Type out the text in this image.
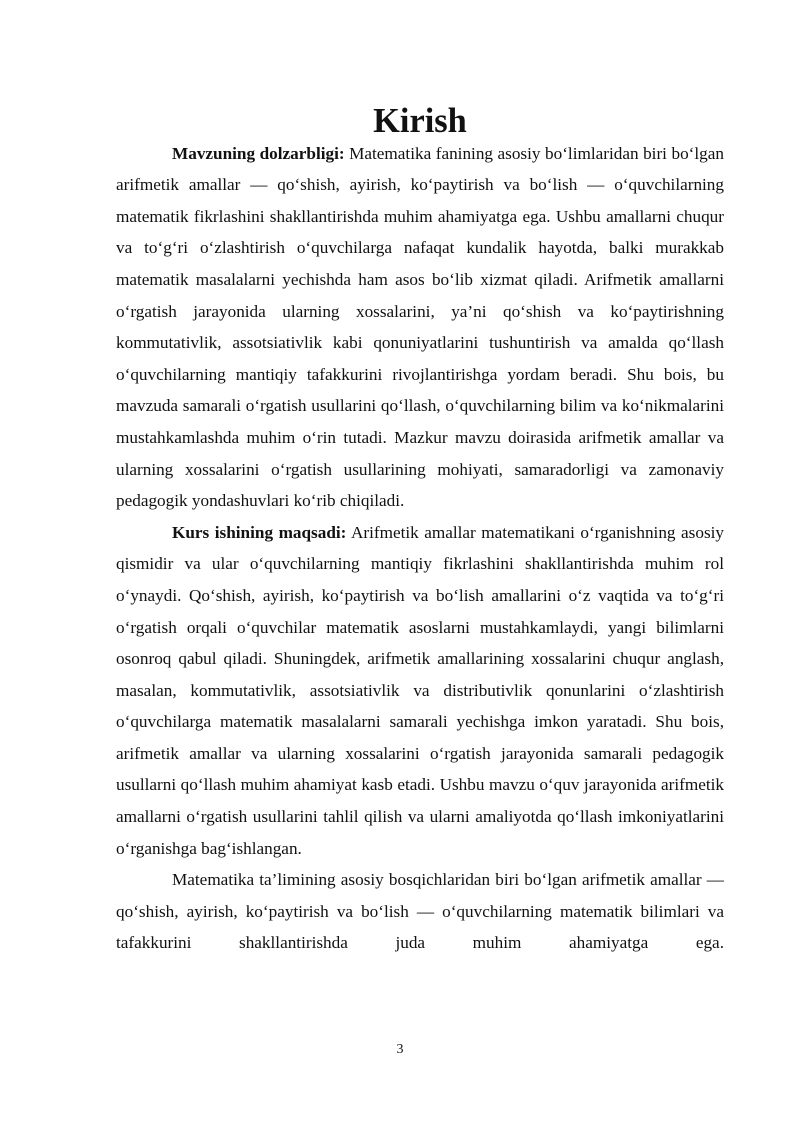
Kirish

Mavzuning dolzarbligi: Matematika fanining asosiy bo‘limlaridan biri bo‘lgan arifmetik amallar — qo‘shish, ayirish, ko‘paytirish va bo‘lish — o‘quvchilarning matematik fikrlashini shakllantirishda muhim ahamiyatga ega. Ushbu amallarni chuqur va to‘g‘ri o‘zlashtirish o‘quvchilarga nafaqat kundalik hayotda, balki murakkab matematik masalalarni yechishda ham asos bo‘lib xizmat qiladi. Arifmetik amallarni o‘rgatish jarayonida ularning xossalarini, ya’ni qo‘shish va ko‘paytirishning kommutativlik, assotsiativlik kabi qonuniyatlarini tushuntirish va amalda qo‘llash o‘quvchilarning mantiqiy tafakkurini rivojlantirishga yordam beradi. Shu bois, bu mavzuda samarali o‘rgatish usullarini qo‘llash, o‘quvchilarning bilim va ko‘nikmalarini mustahkamlashda muhim o‘rin tutadi. Mazkur mavzu doirasida arifmetik amallar va ularning xossalarini o‘rgatish usullarining mohiyati, samaradorligi va zamonaviy pedagogik yondashuvlari ko‘rib chiqiladi.

Kurs ishining maqsadi: Arifmetik amallar matematikani o‘rganishning asosiy qismidir va ular o‘quvchilarning mantiqiy fikrlashini shakllantirishda muhim rol o‘ynaydi. Qo‘shish, ayirish, ko‘paytirish va bo‘lish amallarini o‘z vaqtida va to‘g‘ri o‘rgatish orqali o‘quvchilar matematik asoslarni mustahkamlaydi, yangi bilimlarni osonroq qabul qiladi. Shuningdek, arifmetik amallarining xossalarini chuqur anglash, masalan, kommutativlik, assotsiativlik va distributivlik qonunlarini o‘zlashtirish o‘quvchilarga matematik masalalarni samarali yechishga imkon yaratadi. Shu bois, arifmetik amallar va ularning xossalarini o‘rgatish jarayonida samarali pedagogik usullarni qo‘llash muhim ahamiyat kasb etadi. Ushbu mavzu o‘quv jarayonida arifmetik amallarni o‘rgatish usullarini tahlil qilish va ularni amaliyotda qo‘llash imkoniyatlarini o‘rganishga bag‘ishlangan.

Matematika ta’limining asosiy bosqichlaridan biri bo‘lgan arifmetik amallar — qo‘shish, ayirish, ko‘paytirish va bo‘lish — o‘quvchilarning matematik bilimlari va tafakkurini shakllantirishda juda muhim ahamiyatga ega.

3
